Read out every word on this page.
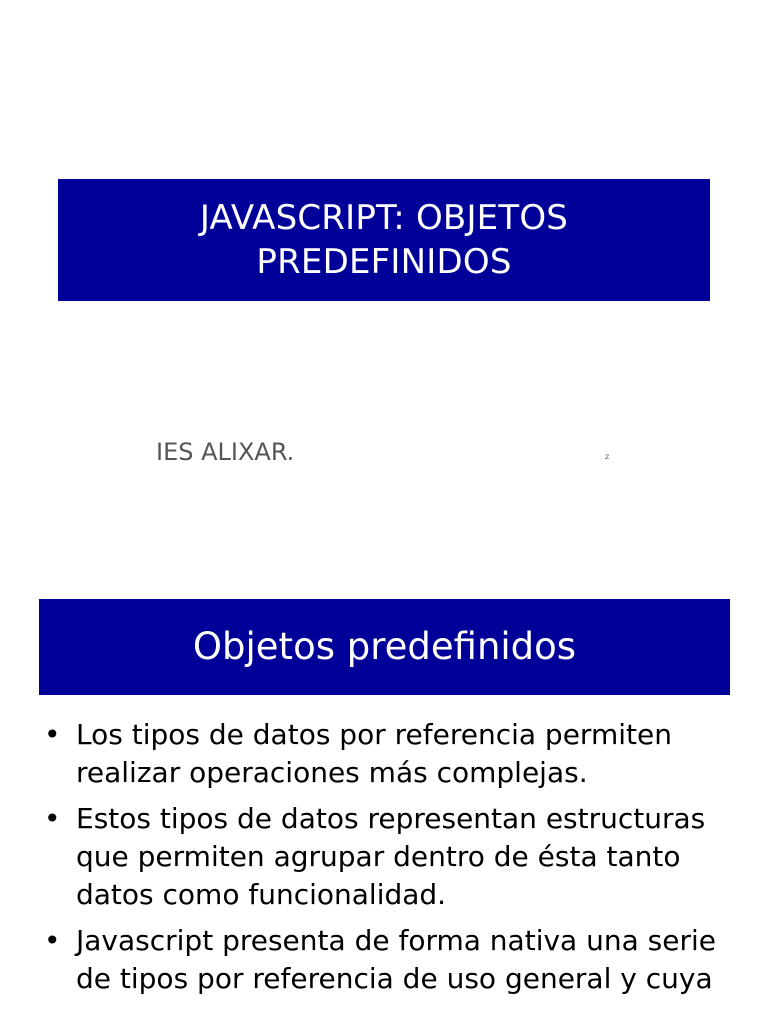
JAVASCRIPT: OBJETOS PREDEFINIDOS
IES ALIXAR.	z
Objetos predefinidos
• Los tipos de datos por referencia permiten realizar operaciones más complejas.
• Estos tipos de datos representan estructuras que permiten agrupar dentro de ésta tanto datos como funcionalidad.
• Javascript presenta de forma nativa una serie de tipos por referencia de uso general y cuya
